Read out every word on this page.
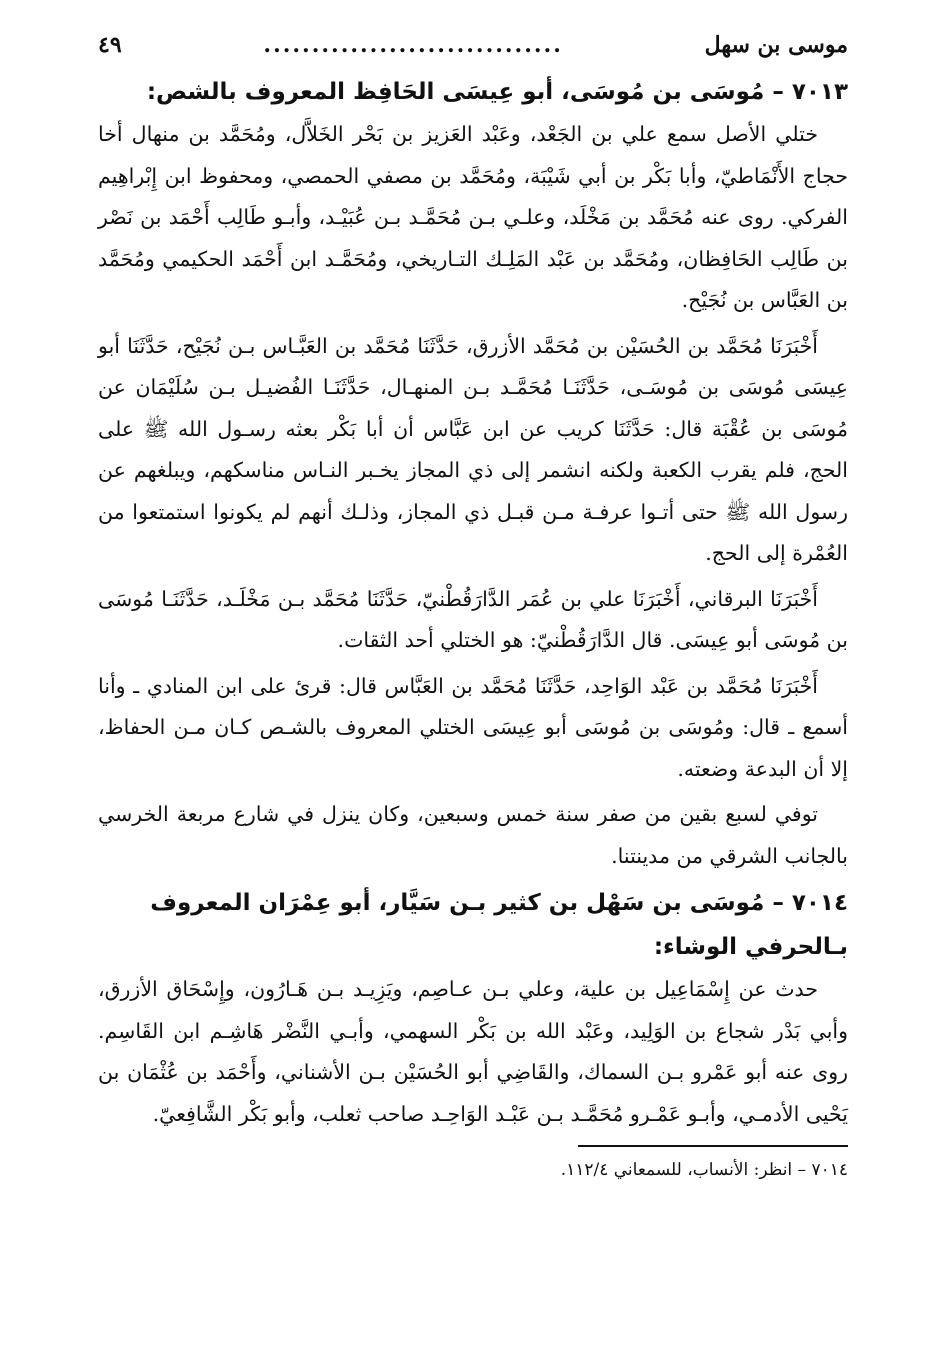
موسى بن سهل
...............................
٤٩
٧٠١٣ – مُوسَى بن مُوسَى، أبو عِيسَى الحَافِظ المعروف بالشص:

ختلي الأصل سمع علي بن الجَعْد، وعَبْد العَزيز بن بَحْر الخَلاَّل، ومُحَمَّد بن منهال أخا حجاج الأَنْمَاطيّ، وأبا بَكْر بن أبي شَيْبَة، ومُحَمَّد بن مصفي الحمصي، ومحفوظ ابن إِبْراهِيم الفركي. روى عنه مُحَمَّد بن مَخْلَد، وعلـي بـن مُحَمَّـد بـن عُبَيْـد، وأبـو طَالِب أَحْمَد بن نَصْر بن طَالِب الحَافِظان، ومُحَمَّد بن عَبْد المَلِـك التـاريخي، ومُحَمَّـد ابن أَحْمَد الحكيمي ومُحَمَّد بن العَبَّاس بن نُجَيْح.

أَخْبَرَنَا مُحَمَّد بن الحُسَيْن بن مُحَمَّد الأزرق، حَدَّثَنَا مُحَمَّد بن العَبَّـاس بـن نُجَيْح، حَدَّثَنَا أبو عِيسَى مُوسَى بن مُوسَـى، حَدَّثَنَـا مُحَمَّـد بـن المنهـال، حَدَّثَنَـا الفُضيـل بـن سُلَيْمَان عن مُوسَى بن عُقْبَة قال: حَدَّثَنَا كريب عن ابن عَبَّاس أن أبا بَكْر بعثه رسـول الله ﷺ على الحج، فلم يقرب الكعبة ولكنه انشمر إلى ذي المجاز يخـبر النـاس مناسكهم، ويبلغهم عن رسول الله ﷺ حتى أتـوا عرفـة مـن قبـل ذي المجاز، وذلـك أنهم لم يكونوا استمتعوا من العُمْرة إلى الحج.

أَخْبَرَنَا البرقاني، أَخْبَرَنَا علي بن عُمَر الدَّارَقُطْنيّ، حَدَّثَنَا مُحَمَّد بـن مَخْلَـد، حَدَّثَنَـا مُوسَى بن مُوسَى أبو عِيسَى. قال الدَّارَقُطْنيّ: هو الختلي أحد الثقات.

أَخْبَرَنَا مُحَمَّد بن عَبْد الوَاحِد، حَدَّثَنَا مُحَمَّد بن العَبَّاس قال: قرئ على ابن المنادي ـ وأنا أسمع ـ قال: ومُوسَى بن مُوسَى أبو عِيسَى الختلي المعروف بالشـص كـان مـن الحفاظ، إلا أن البدعة وضعته.

توفي لسبع بقين من صفر سنة خمس وسبعين، وكان ينزل في شارع مربعة الخرسي بالجانب الشرقي من مدينتنا.

٧٠١٤ – مُوسَى بن سَهْل بن كثير بـن سَيَّار، أبو عِمْرَان المعروف بـالحرفي الوشاء:

حدث عن إِسْمَاعِيل بن علية، وعلي بـن عـاصِم، ويَزِيـد بـن هَـارُون، وإِسْحَاق الأزرق، وأبي بَدْر شجاع بن الوَلِيد، وعَبْد الله بن بَكْر السهمي، وأبـي النَّضْر هَاشِـم ابن القَاسِم. روى عنه أبو عَمْرو بـن السماك، والقَاضِي أبو الحُسَيْن بـن الأشناني، وأَحْمَد بن عُثْمَان بن يَحْيى الأدمـي، وأبـو عَمْـرو مُحَمَّـد بـن عَبْـد الوَاحِـد صاحب ثعلب، وأبو بَكْر الشَّافِعيّ.

٧٠١٤ – انظر: الأنساب، للسمعاني ١١٢/٤.
